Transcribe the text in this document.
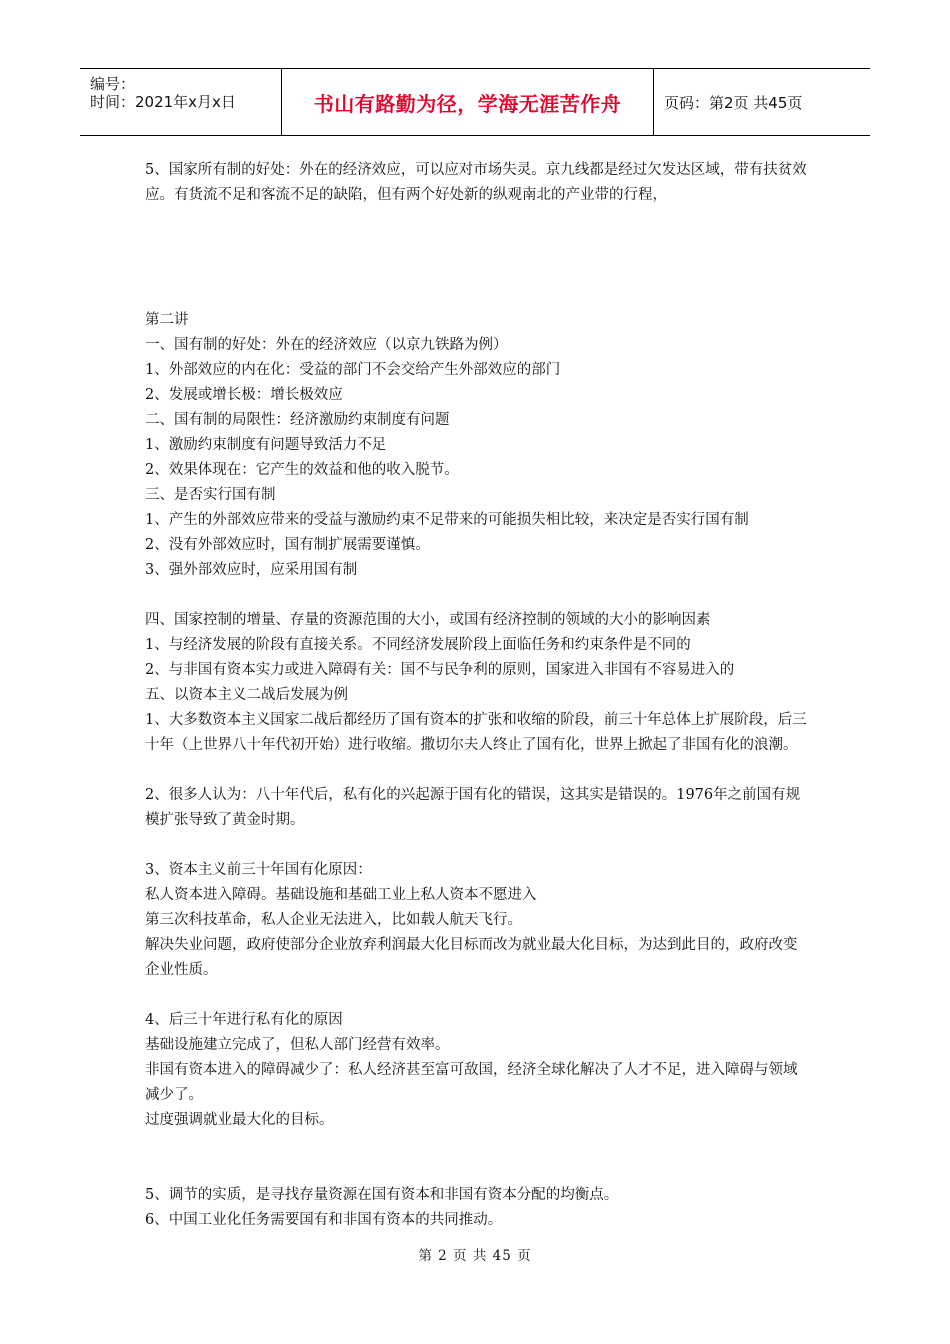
编号：
时间：2021年x月x日	书山有路勤为径，学海无涯苦作舟	页码：第2页 共45页

5、国家所有制的好处：外在的经济效应，可以应对市场失灵。京九线都是经过欠发达区域，带有扶贫效应。有货流不足和客流不足的缺陷，但有两个好处新的纵观南北的产业带的行程，

第二讲

一、国有制的好处：外在的经济效应（以京九铁路为例）

1、外部效应的内在化：受益的部门不会交给产生外部效应的部门

2、发展或增长极：增长极效应

二、国有制的局限性：经济激励约束制度有问题

1、激励约束制度有问题导致活力不足

2、效果体现在：它产生的效益和他的收入脱节。

三、是否实行国有制

1、产生的外部效应带来的受益与激励约束不足带来的可能损失相比较，来决定是否实行国有制

2、没有外部效应时，国有制扩展需要谨慎。

3、强外部效应时，应采用国有制

四、国家控制的增量、存量的资源范围的大小，或国有经济控制的领域的大小的影响因素

1、与经济发展的阶段有直接关系。不同经济发展阶段上面临任务和约束条件是不同的

2、与非国有资本实力或进入障碍有关：国不与民争利的原则，国家进入非国有不容易进入的

五、以资本主义二战后发展为例

1、大多数资本主义国家二战后都经历了国有资本的扩张和收缩的阶段，前三十年总体上扩展阶段，后三十年（上世界八十年代初开始）进行收缩。撒切尔夫人终止了国有化，世界上掀起了非国有化的浪潮。

2、很多人认为：八十年代后，私有化的兴起源于国有化的错误，这其实是错误的。1976年之前国有规模扩张导致了黄金时期。

3、资本主义前三十年国有化原因：

私人资本进入障碍。基础设施和基础工业上私人资本不愿进入

第三次科技革命，私人企业无法进入，比如载人航天飞行。

解决失业问题，政府使部分企业放弃利润最大化目标而改为就业最大化目标，为达到此目的，政府改变企业性质。

4、后三十年进行私有化的原因

基础设施建立完成了，但私人部门经营有效率。

非国有资本进入的障碍减少了：私人经济甚至富可敌国，经济全球化解决了人才不足，进入障碍与领域减少了。

过度强调就业最大化的目标。

5、调节的实质，是寻找存量资源在国有资本和非国有资本分配的均衡点。

6、中国工业化任务需要国有和非国有资本的共同推动。

第 2 页 共 45 页
